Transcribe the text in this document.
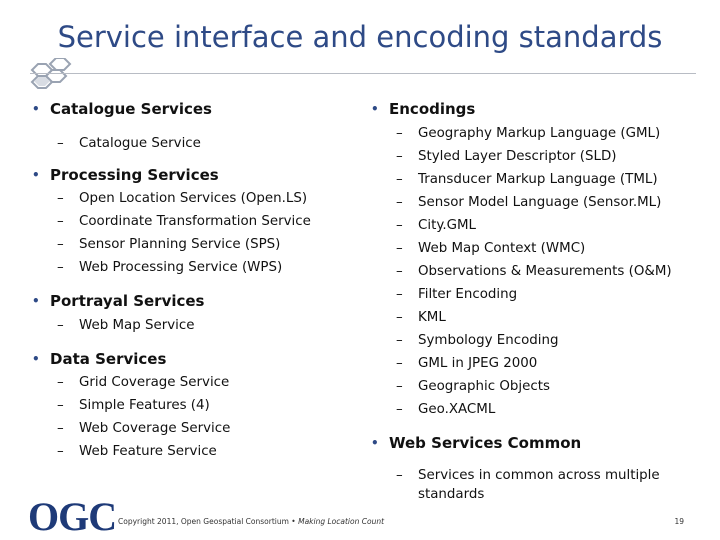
Service interface and encoding standards
• Catalogue Services
–	Catalogue Service
• Processing Services
–	Open Location Services (Open.LS)
–	Coordinate Transformation Service
–	Sensor Planning Service (SPS)
–	Web Processing Service (WPS)
• Portrayal Services
–	Web Map Service
• Data Services
–	Grid Coverage Service
–	Simple Features (4)
–	Web Coverage Service
–	Web Feature Service
• Encodings
–	Geography Markup Language (GML)
–	Styled Layer Descriptor (SLD)
–	Transducer Markup Language (TML)
–	Sensor Model Language (Sensor.ML)
–	City.GML
–	Web Map Context (WMC)
–	Observations & Measurements (O&M)
–	Filter Encoding
–	KML
–	Symbology Encoding
–	GML in JPEG 2000
–	Geographic Objects
–	Geo.XACML
• Web Services Common
–	Services in common across multiple
standards
OGC Copyright 2011, Open Geospatial Consortium • Making Location Count	19
